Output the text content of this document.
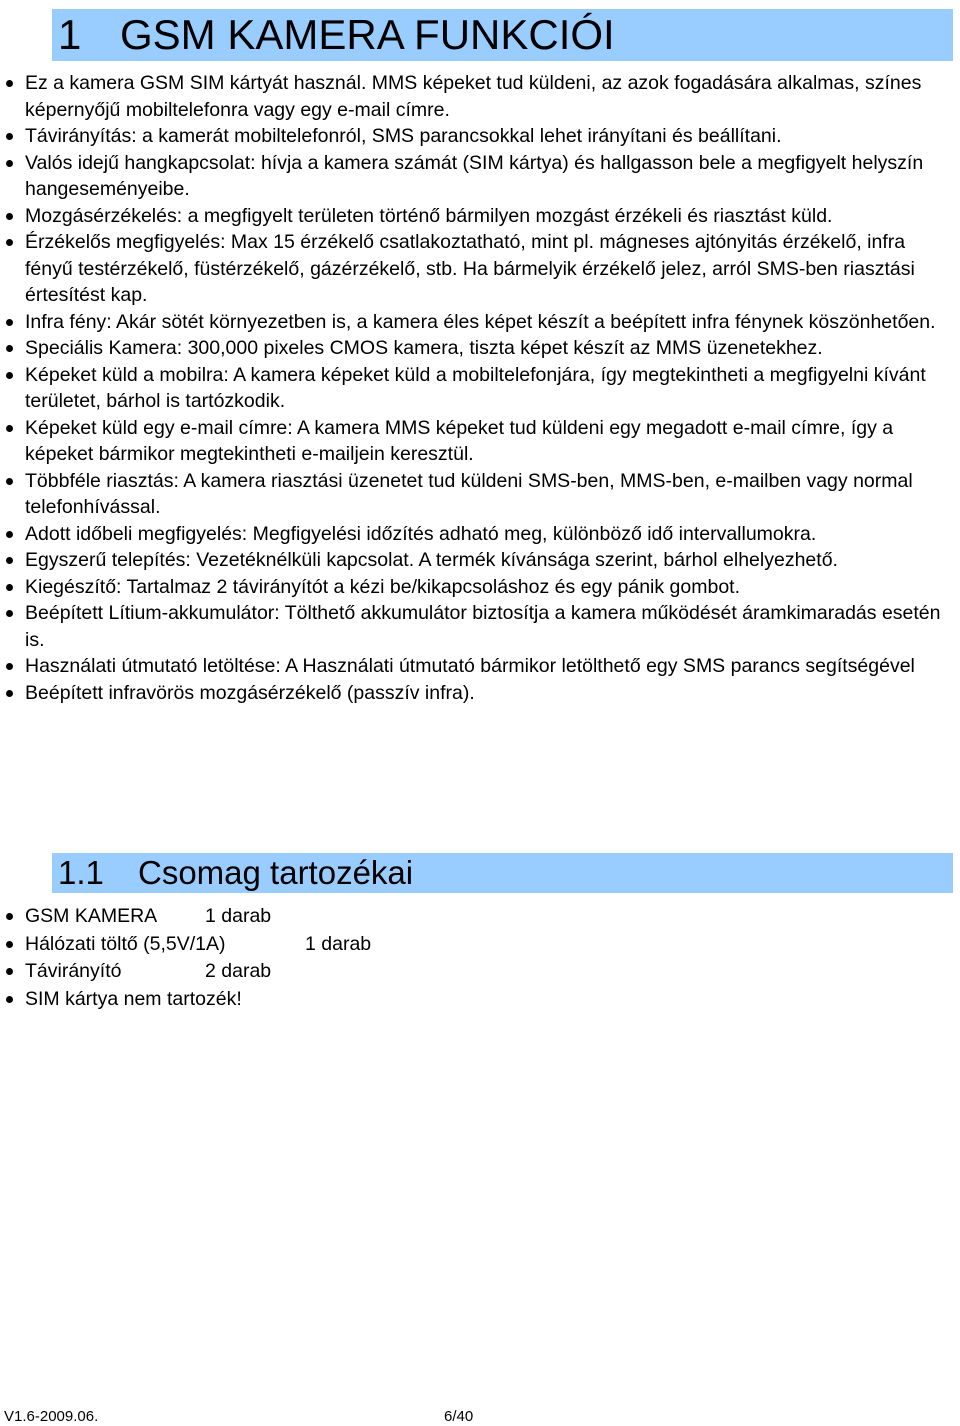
1 GSM KAMERA FUNKCIÓI
Ez a kamera GSM SIM kártyát használ. MMS képeket tud küldeni, az azok fogadására alkalmas, színes képernyőjű mobiltelefonra vagy egy e-mail címre.
Távirányítás: a kamerát mobiltelefonról, SMS parancsokkal lehet irányítani és beállítani.
Valós idejű hangkapcsolat: hívja a kamera számát (SIM kártya) és hallgasson bele a megfigyelt helyszín hangeseményeibe.
Mozgásérzékelés: a megfigyelt területen történő bármilyen mozgást érzékeli és riasztást küld.
Érzékelős megfigyelés: Max 15 érzékelő csatlakoztatható, mint pl. mágneses ajtónyitás érzékelő, infra fényű testérzékelő, füstérzékelő, gázérzékelő, stb. Ha bármelyik érzékelő jelez, arról SMS-ben riasztási értesítést kap.
Infra fény: Akár sötét környezetben is, a kamera éles képet készít a beépített infra fénynek köszönhetően.
Speciális Kamera: 300,000 pixeles CMOS kamera, tiszta képet készít az MMS üzenetekhez.
Képeket küld a mobilra: A kamera képeket küld a mobiltelefonjára, így megtekintheti a megfigyelni kívánt területet, bárhol is tartózkodik.
Képeket küld egy e-mail címre: A kamera MMS képeket tud küldeni egy megadott e-mail címre, így a képeket bármikor megtekintheti e-mailjein keresztül.
Többféle riasztás: A kamera riasztási üzenetet tud küldeni SMS-ben, MMS-ben, e-mailben vagy normal telefonhívással.
Adott időbeli megfigyelés: Megfigyelési időzítés adható meg, különböző idő intervallumokra.
Egyszerű telepítés: Vezetéknélküli kapcsolat. A termék kívánsága szerint, bárhol elhelyezhető.
Kiegészítő: Tartalmaz 2 távirányítót a kézi be/kikapcsoláshoz és egy pánik gombot.
Beépített Lítium-akkumulátor: Tölthető akkumulátor biztosítja a kamera működését áramkimaradás esetén is.
Használati útmutató letöltése: A Használati útmutató bármikor letölthető egy SMS parancs segítségével
Beépített infravörös mozgásérzékelő (passzív infra).
1.1 Csomag tartozékai
GSM KAMERA 1 darab
Hálózati töltő (5,5V/1A)	1 darab
Távirányító	2 darab
SIM kártya nem tartozék!
V1.6-2009.06.	6/40
